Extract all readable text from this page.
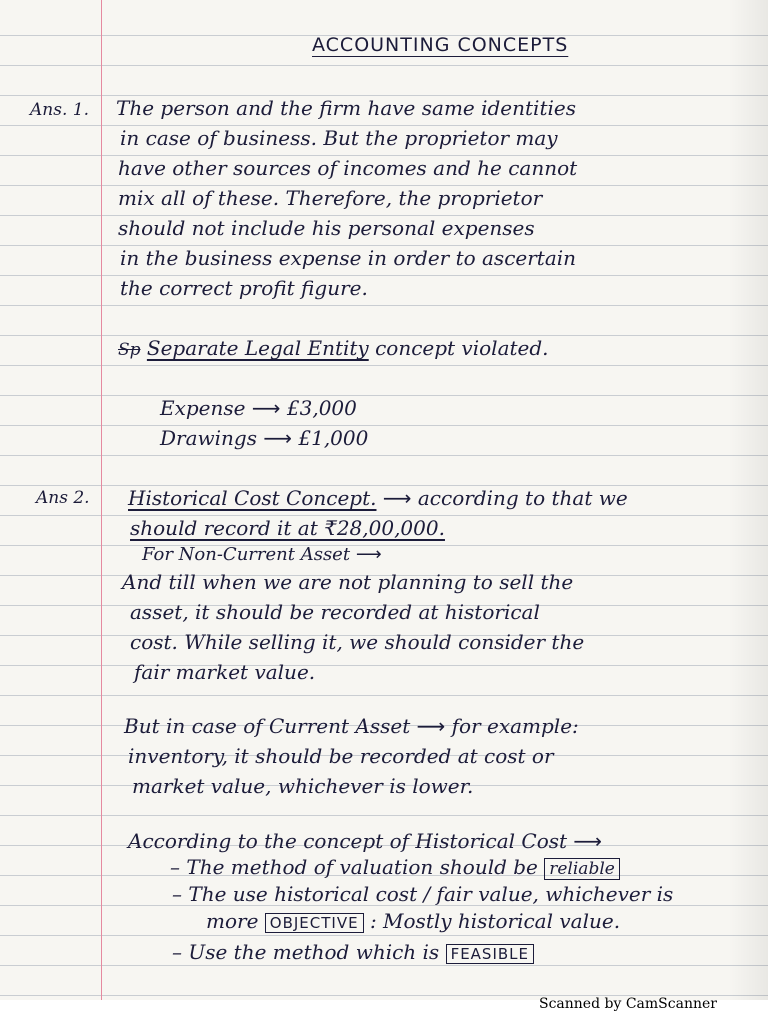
ACCOUNTING CONCEPTS

Ans. 1. The person and the firm have same identities

in case of business. But the proprietor may

have other sources of incomes and he cannot

mix all of these. Therefore, the proprietor

should not include his personal expenses

in the business expense in order to ascertain

the correct profit figure.

Sp Separate Legal Entity concept violated.

Expense ⟶ £3,000

Drawings ⟶ £1,000

Ans 2. Historical Cost Concept. ⟶ according to that we

should record it at ₹28,00,000.

For Non-Current Asset ⟶

And till when we are not planning to sell the

asset, it should be recorded at historical

cost. While selling it, we should consider the

fair market value.

But in case of Current Asset ⟶ for example:

inventory, it should be recorded at cost or

market value, whichever is lower.

According to the concept of Historical Cost ⟶

– The method of valuation should be reliable

– The use historical cost / fair value, whichever is

more OBJECTIVE : Mostly historical value.

– Use the method which is FEASIBLE

Scanned by CamScanner
